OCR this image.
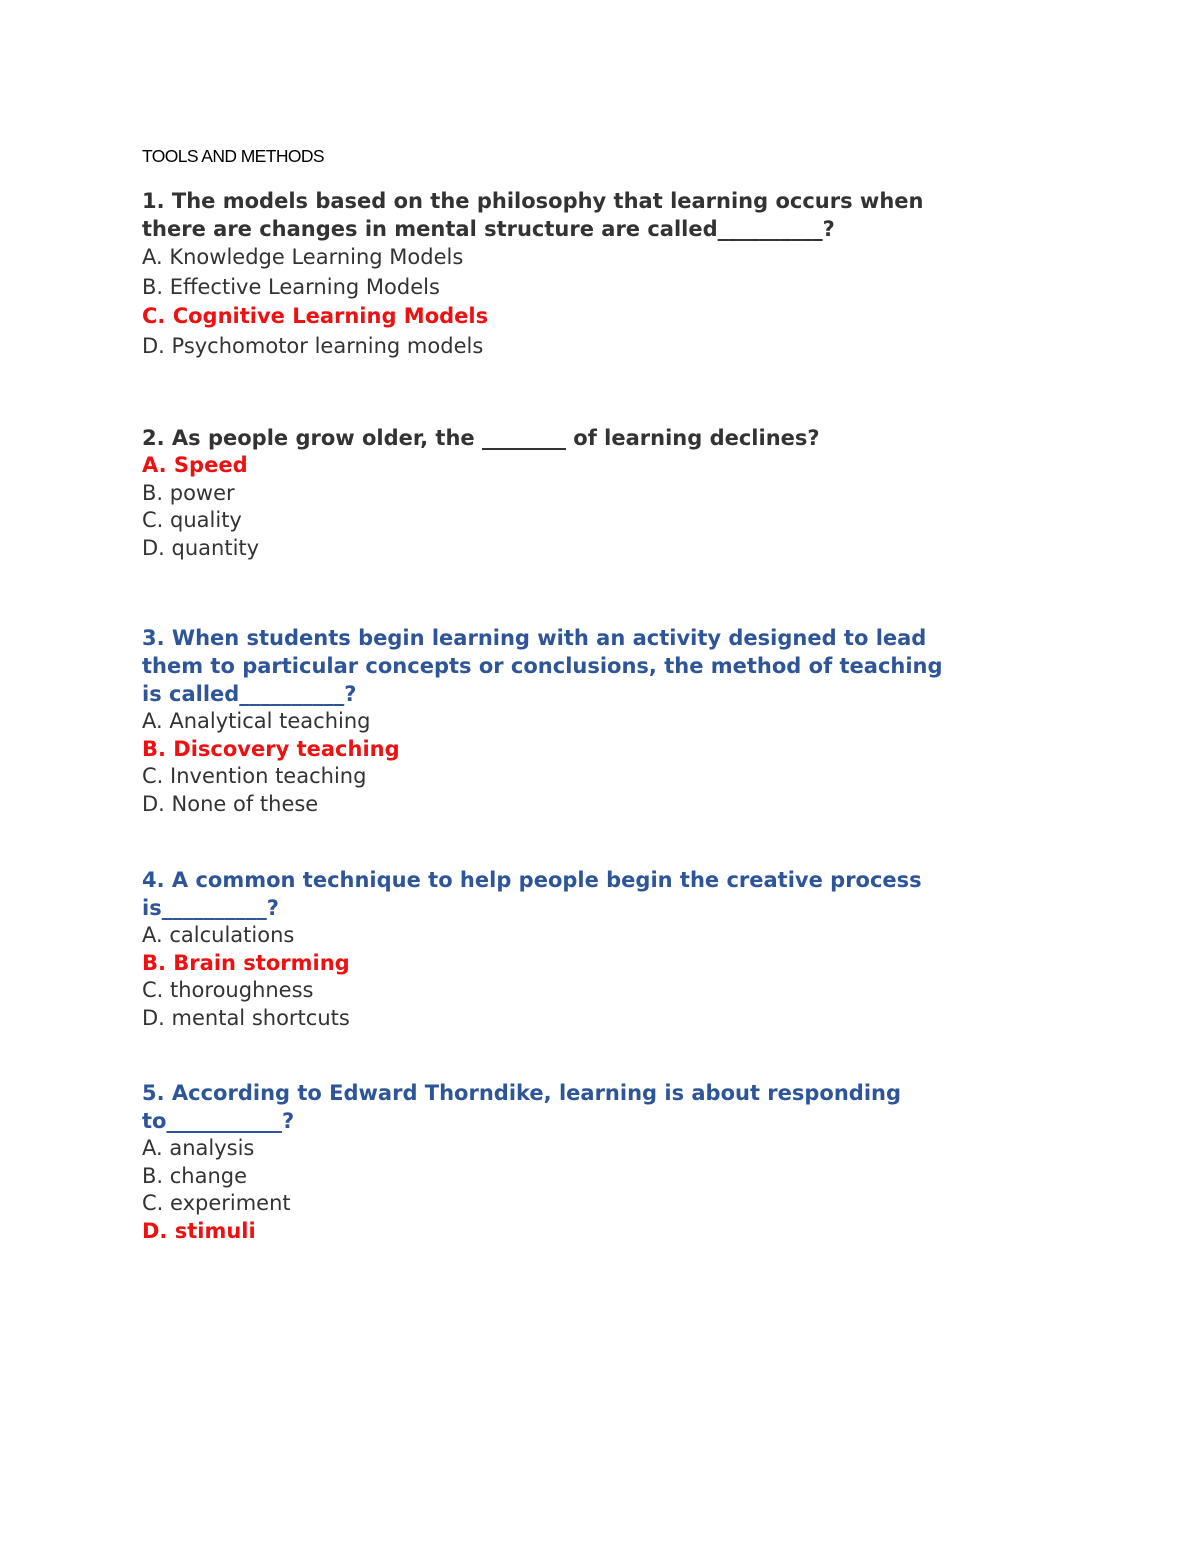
TOOLS AND METHODS
1. The models based on the philosophy that learning occurs when
there are changes in mental structure are called__________?
A. Knowledge Learning Models
B. Effective Learning Models
C. Cognitive Learning Models
D. Psychomotor learning models
2. As people grow older, the ________ of learning declines?
A. Speed
B. power
C. quality
D. quantity
3. When students begin learning with an activity designed to lead
them to particular concepts or conclusions, the method of teaching
is called__________?
A. Analytical teaching
B. Discovery teaching
C. Invention teaching
D. None of these
4. A common technique to help people begin the creative process
is__________?
A. calculations
B. Brain storming
C. thoroughness
D. mental shortcuts
5. According to Edward Thorndike, learning is about responding
to___________?
A. analysis
B. change
C. experiment
D. stimuli
